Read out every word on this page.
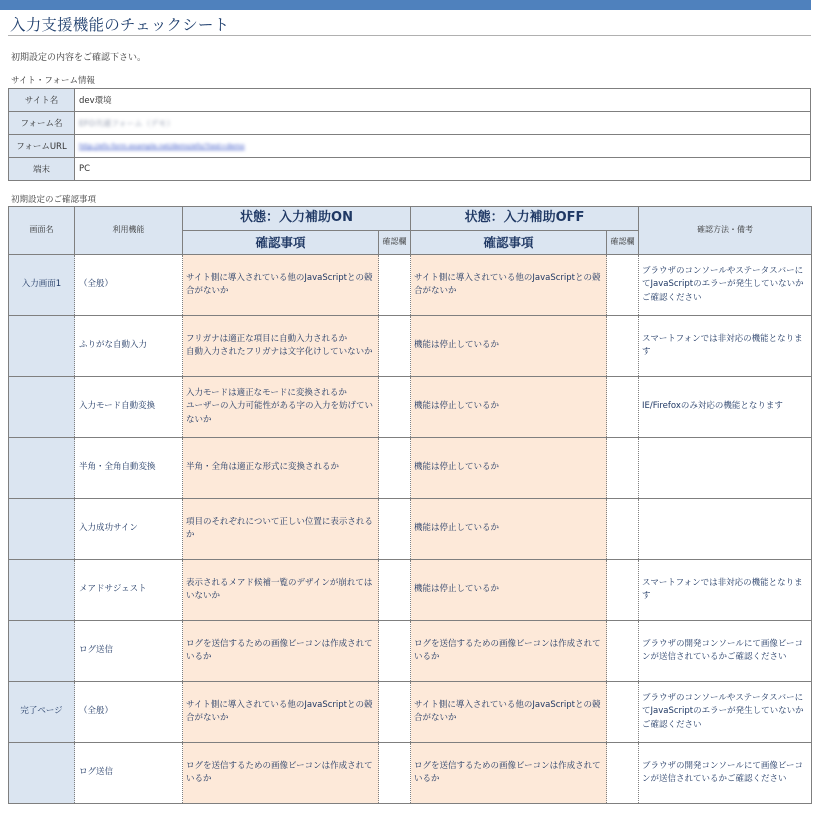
入力支援機能のチェックシート
初期設定の内容をご確認下さい。
サイト・フォーム情報
サイト名	dev環境
フォーム名	EFO共通フォーム（デモ）
フォームURL	http://efo-form.example.net/demo/efo/?test=demo
端末	PC
初期設定のご確認事項
画面名	利用機能	状態：入力補助ON		状態：入力補助OFF		確認方法・備考
		確認事項	確認欄	確認事項	確認欄	
入力画面1	（全般）	サイト側に導入されている他のJavaScriptとの競合がないか		サイト側に導入されている他のJavaScriptとの競合がないか		ブラウザのコンソールやステータスバーにてJavaScriptのエラーが発生していないかご確認ください
	ふりがな自動入力	フリガナは適正な項目に自動入力されるか
自動入力されたフリガナは文字化けしていないか		機能は停止しているか		スマートフォンでは非対応の機能となります
	入力モード自動変換	入力モードは適正なモードに変換されるか
ユーザーの入力可能性がある字の入力を妨げていないか		機能は停止しているか		IE/Firefoxのみ対応の機能となります
	半角・全角自動変換	半角・全角は適正な形式に変換されるか		機能は停止しているか		
	入力成功サイン	項目のそれぞれについて正しい位置に表示されるか		機能は停止しているか		
	メアドサジェスト	表示されるメアド候補一覧のデザインが崩れてはいないか		機能は停止しているか		スマートフォンでは非対応の機能となります
	ログ送信	ログを送信するための画像ビーコンは作成されているか		ログを送信するための画像ビーコンは作成されているか		ブラウザの開発コンソールにて画像ビーコンが送信されているかご確認ください
完了ページ	（全般）	サイト側に導入されている他のJavaScriptとの競合がないか		サイト側に導入されている他のJavaScriptとの競合がないか		ブラウザのコンソールやステータスバーにてJavaScriptのエラーが発生していないかご確認ください
	ログ送信	ログを送信するための画像ビーコンは作成されているか		ログを送信するための画像ビーコンは作成されているか		ブラウザの開発コンソールにて画像ビーコンが送信されているかご確認ください
